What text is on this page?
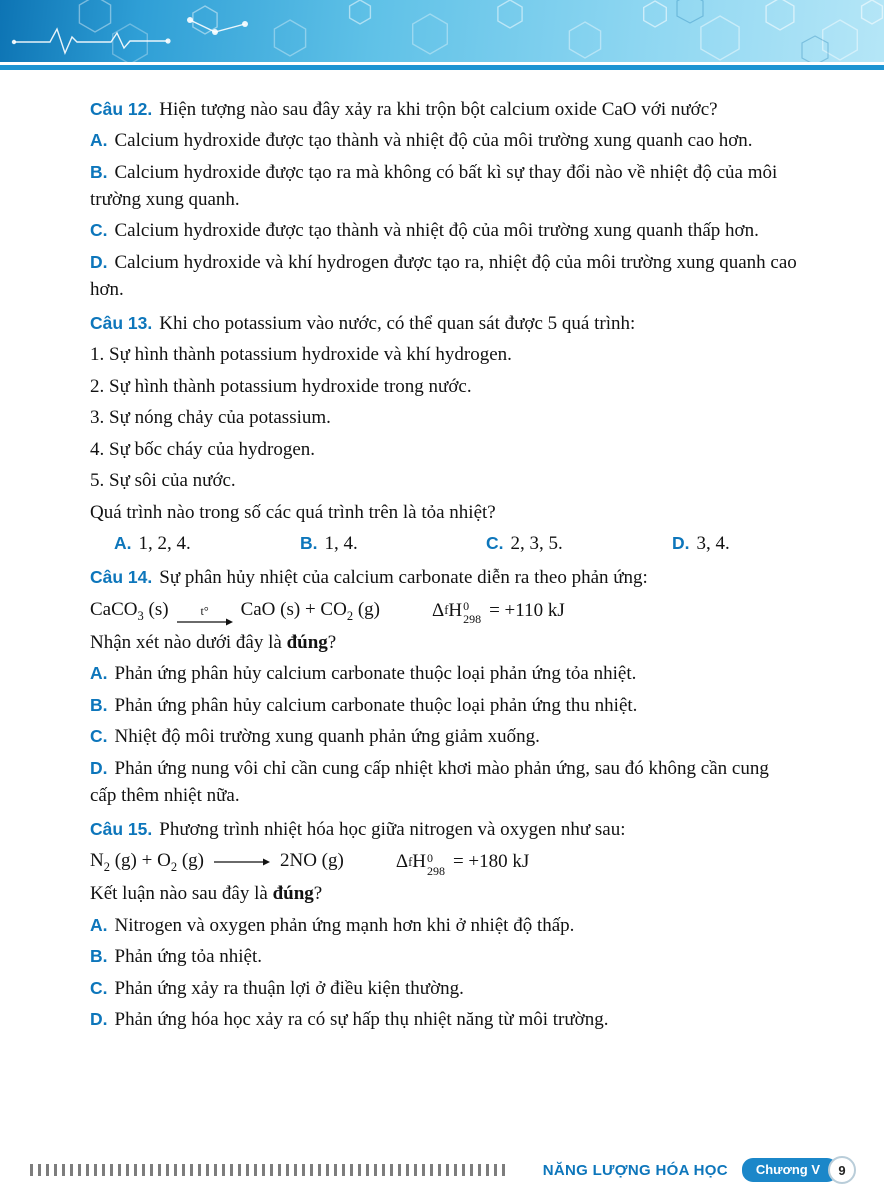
Câu 12. Hiện tượng nào sau đây xảy ra khi trộn bột calcium oxide CaO với nước?

A. Calcium hydroxide được tạo thành và nhiệt độ của môi trường xung quanh cao hơn.

B. Calcium hydroxide được tạo ra mà không có bất kì sự thay đổi nào về nhiệt độ của môi trường xung quanh.

C. Calcium hydroxide được tạo thành và nhiệt độ của môi trường xung quanh thấp hơn.

D. Calcium hydroxide và khí hydrogen được tạo ra, nhiệt độ của môi trường xung quanh cao hơn.

Câu 13. Khi cho potassium vào nước, có thể quan sát được 5 quá trình:

1. Sự hình thành potassium hydroxide và khí hydrogen.

2. Sự hình thành potassium hydroxide trong nước.

3. Sự nóng chảy của potassium.

4. Sự bốc cháy của hydrogen.

5. Sự sôi của nước.

Quá trình nào trong số các quá trình trên là tỏa nhiệt?

A. 1, 2, 4.	B. 1, 4.	C. 2, 3, 5.	D. 3, 4.

Câu 14. Sự phân hủy nhiệt của calcium carbonate diễn ra theo phản ứng:

CaCO$_3$ (s)	t° CaO $(s) + CO_2$ (g)	Δ f H 0
298 = +110 kJ

Nhận xét nào dưới đây là đúng?

A. Phản ứng phân hủy calcium carbonate thuộc loại phản ứng tỏa nhiệt.

B. Phản ứng phân hủy calcium carbonate thuộc loại phản ứng thu nhiệt.

C. Nhiệt độ môi trường xung quanh phản ứng giảm xuống.

D. Phản ứng nung vôi chỉ cần cung cấp nhiệt khơi mào phản ứng, sau đó không cần cung cấp thêm nhiệt nữa.

Câu 15. Phương trình nhiệt hóa học giữa nitrogen và oxygen như sau:

$N_2$ $(g) + O_2$ (g) → 2NO (g)	Δ f H 0
298 = +180 kJ

Kết luận nào sau đây là đúng?

A. Nitrogen và oxygen phản ứng mạnh hơn khi ở nhiệt độ thấp.

B. Phản ứng tỏa nhiệt.

C. Phản ứng xảy ra thuận lợi ở điều kiện thường.

D. Phản ứng hóa học xảy ra có sự hấp thụ nhiệt năng từ môi trường.

NĂNG LƯỢNG HÓA HỌC	Chương V	9
